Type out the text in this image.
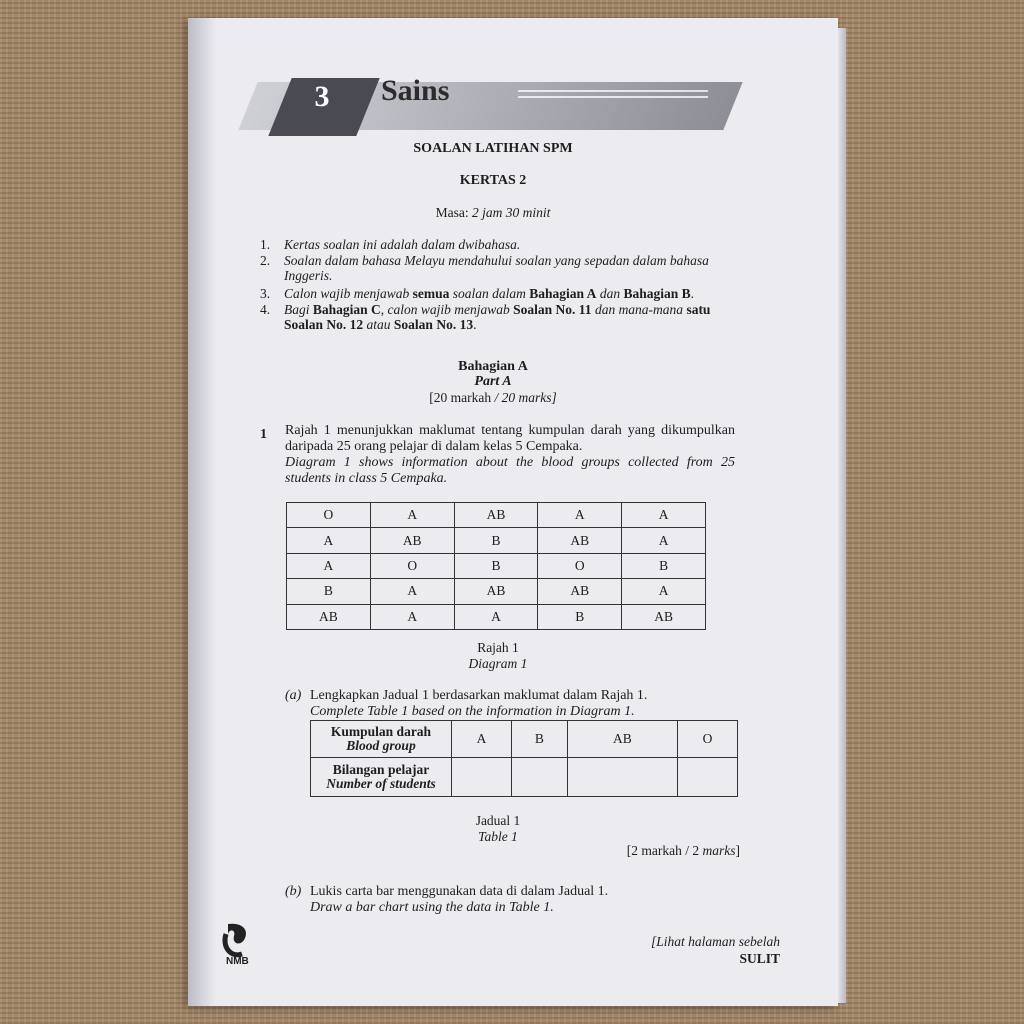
3	Sains
SOALAN LATIHAN SPM
KERTAS 2
Masa: 2 jam 30 minit
1.	Kertas soalan ini adalah dalam dwibahasa.
2.	Soalan dalam bahasa Melayu mendahului soalan yang sepadan dalam bahasa Inggeris.
3.	Calon wajib menjawab semua soalan dalam Bahagian A dan Bahagian B.
4.	Bagi Bahagian C, calon wajib menjawab Soalan No. 11 dan mana-mana satu Soalan No. 12 atau Soalan No. 13.
Bahagian A
Part A
[20 markah / 20 marks]
1 Rajah 1 menunjukkan maklumat tentang kumpulan darah yang dikumpulkan daripada 25 orang pelajar di dalam kelas 5 Cempaka.
Diagram 1 shows information about the blood groups collected from 25 students in class 5 Cempaka.
O	A	AB	A	A
A	AB	B	AB	A
A	O	B	O	B
B	A	AB	AB	A
AB	A	A	B	AB
Rajah 1
Diagram 1
(a) Lengkapkan Jadual 1 berdasarkan maklumat dalam Rajah 1.
Complete Table 1 based on the information in Diagram 1.
Kumpulan darah
Blood group	A	B	AB	O

Bilangan pelajar
Number of students				

Jadual 1
Table 1
[2 markah / 2 marks]
(b) Lukis carta bar menggunakan data di dalam Jadual 1.
Draw a bar chart using the data in Table 1.
[Lihat halaman sebelah
SULIT
NMB
